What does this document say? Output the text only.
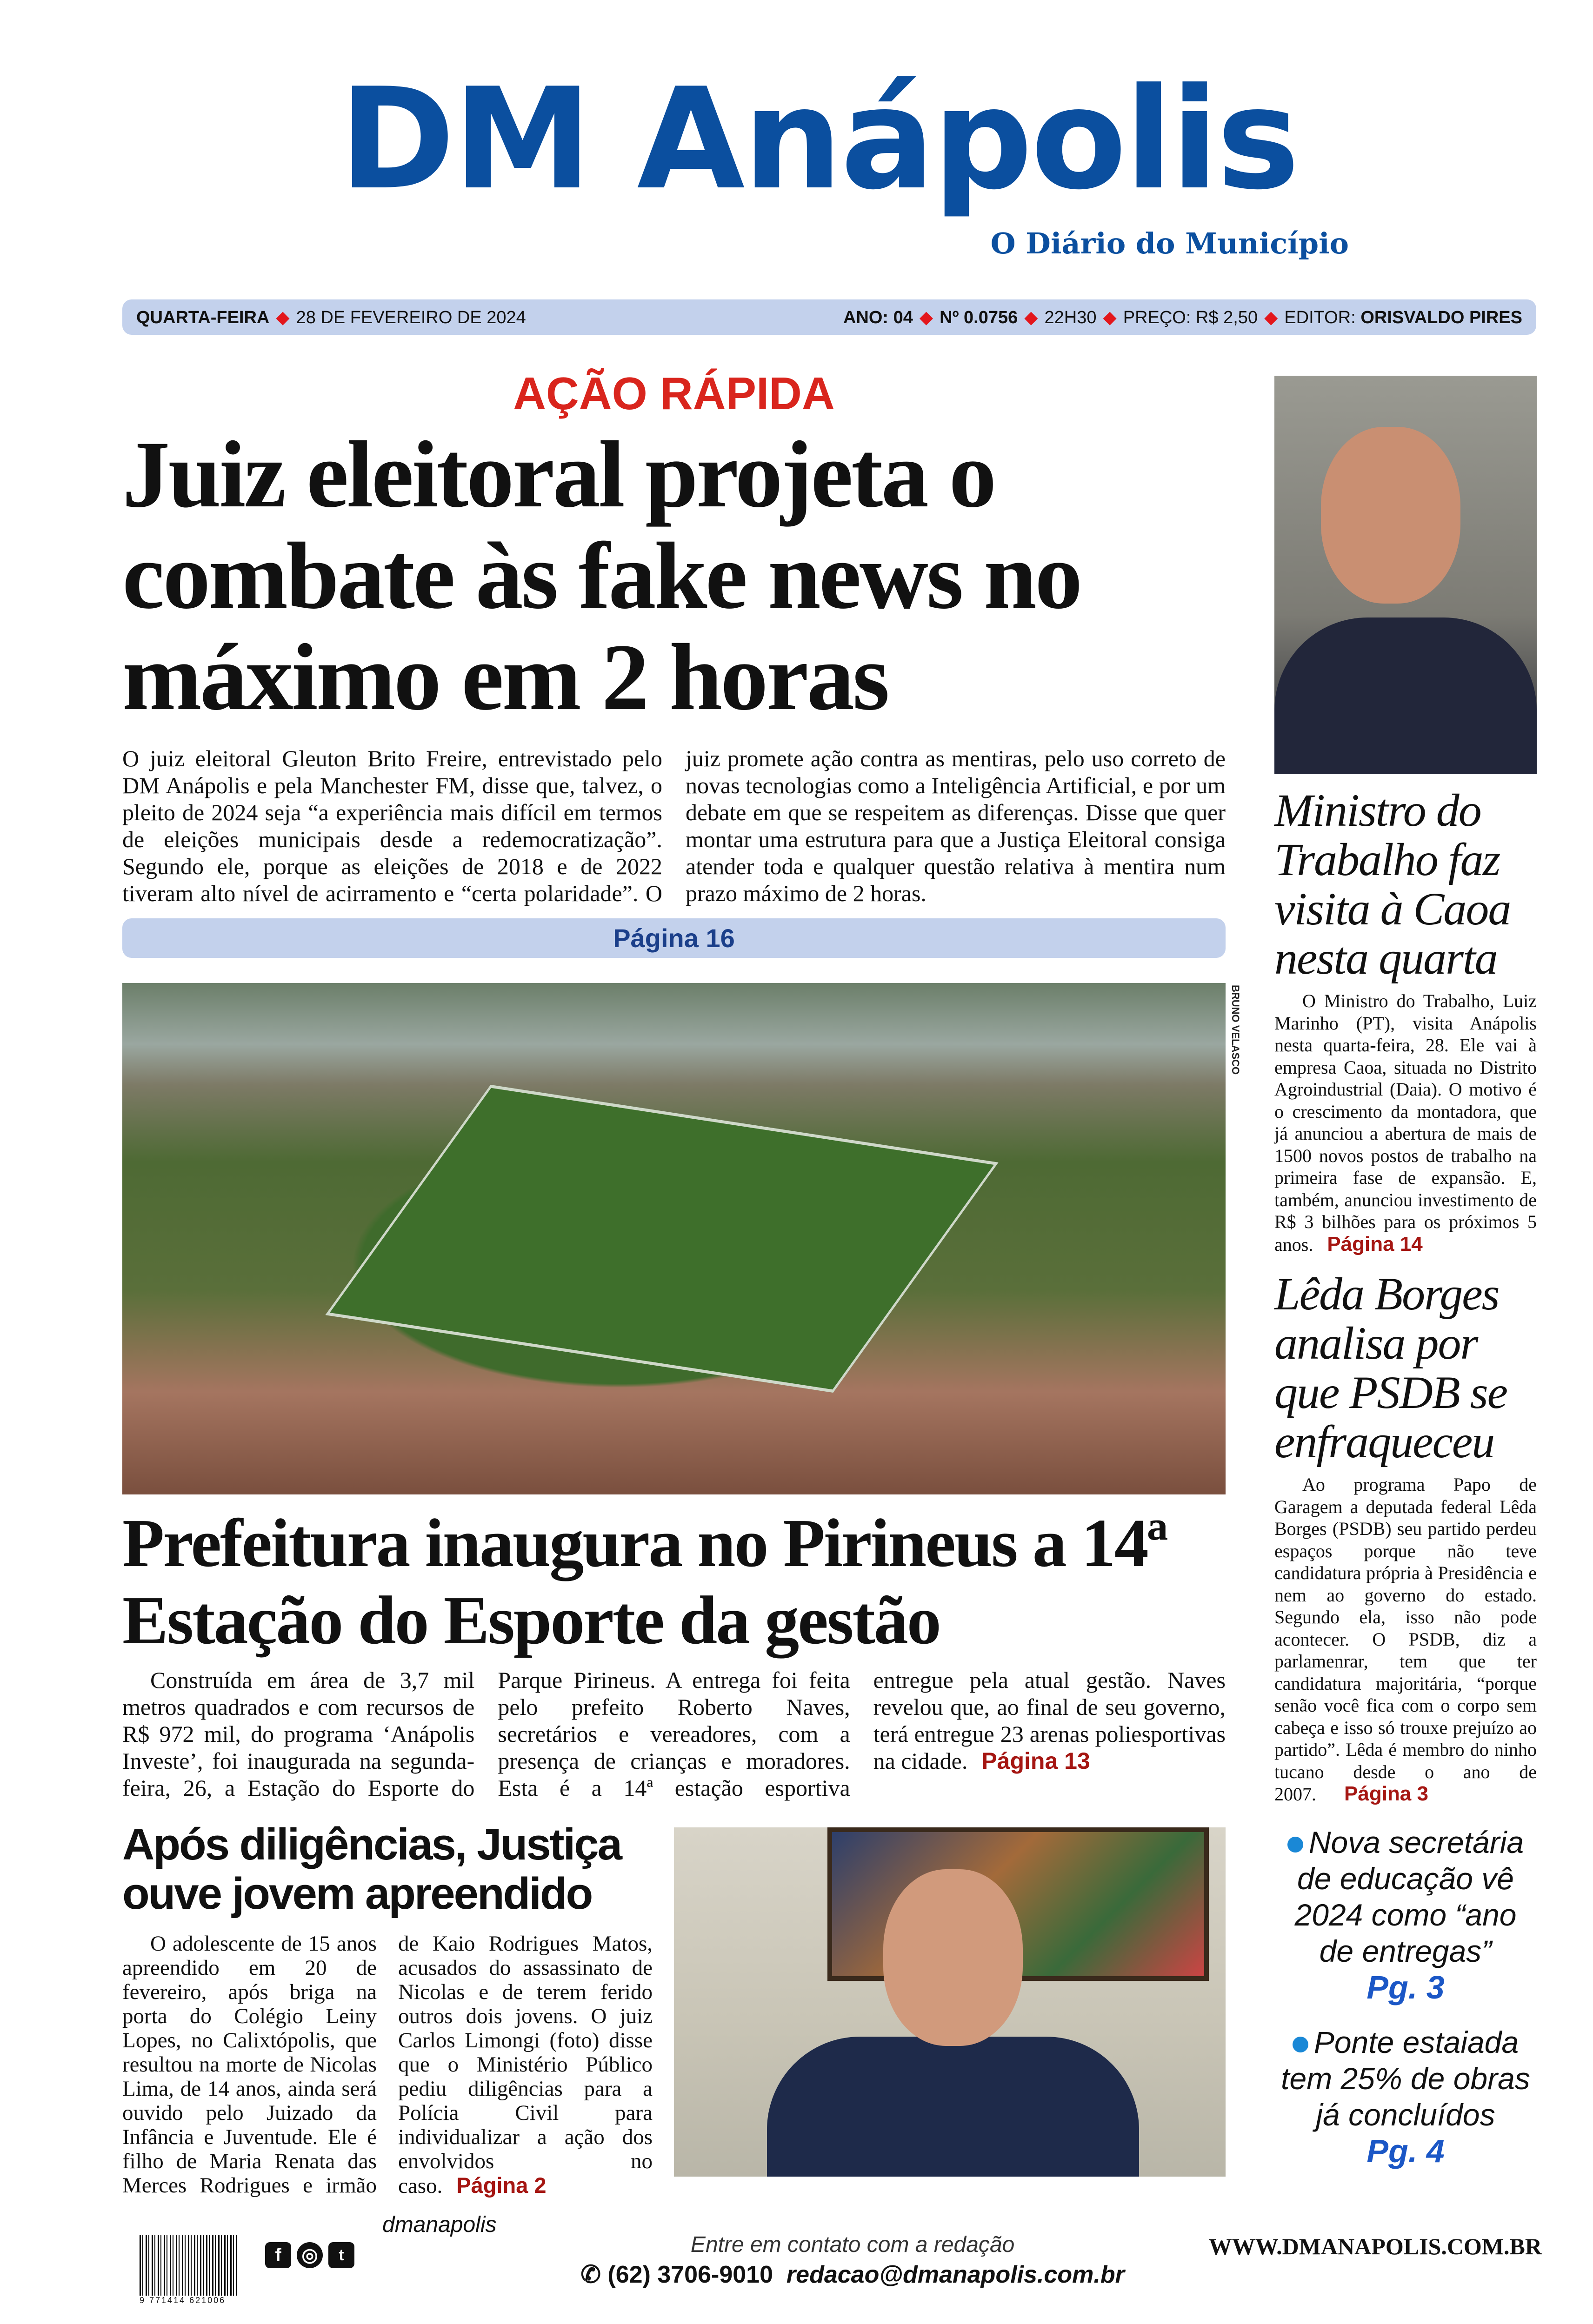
DM Anápolis
O Diário do Município
QUARTA-FEIRA ◆ 28 DE FEVEREIRO DE 2024	ANO: 04 ◆ Nº 0.0756 ◆ 22H30 ◆ PREÇO: R$ 2,50 ◆ EDITOR: ORISVALDO PIRES
AÇÃO RÁPIDA
Juiz eleitoral projeta o combate às fake news no máximo em 2 horas
O juiz eleitoral Gleuton Brito Freire, entrevistado pelo DM Anápolis e pela Manchester FM, disse que, talvez, o pleito de 2024 seja “a experiência mais difícil em termos de eleições municipais desde a redemocratização”. Segundo ele, porque as eleições de 2018 e de 2022 tiveram alto nível de acirramento e “certa polaridade”. O juiz promete ação contra as mentiras, pelo uso correto de novas tecnologias como a Inteligência Artificial, e por um debate em que se respeitem as diferenças. Disse que quer montar uma estrutura para que a Justiça Eleitoral consiga atender toda e qualquer questão relativa à mentira num prazo máximo de 2 horas.
Página 16
BRUNO VELASCO
Prefeitura inaugura no Pirineus a 14ª Estação do Esporte da gestão
Construída em área de 3,7 mil metros quadrados e com recursos de R$ 972 mil, do programa ‘Anápolis Investe’, foi inaugurada na segunda-feira, 26, a Estação do Esporte do Parque Pirineus. A entrega foi feita pelo prefeito Roberto Naves, secretários e vereadores, com a presença de crianças e moradores. Esta é a 14ª estação esportiva entregue pela atual gestão. Naves revelou que, ao final de seu governo, terá entregue 23 arenas poliesportivas na cidade. Página 13
Após diligências, Justiça ouve jovem apreendido
O adolescente de 15 anos apreendido em 20 de fevereiro, após briga na porta do Colégio Leiny Lopes, no Calixtópolis, que resultou na morte de Nicolas Lima, de 14 anos, ainda será ouvido pelo Juizado da Infância e Juventude. Ele é filho de Maria Renata das Merces Rodrigues e irmão de Kaio Rodrigues Matos, acusados do assassinato de Nicolas e de terem ferido outros dois jovens. O juiz Carlos Limongi (foto) disse que o Ministério Público pediu diligências para a Polícia Civil para individualizar a ação dos envolvidos no caso. Página 2
Ministro do Trabalho faz visita à Caoa nesta quarta
O Ministro do Trabalho, Luiz Marinho (PT), visita Anápolis nesta quarta-feira, 28. Ele vai à empresa Caoa, situada no Distrito Agroindustrial (Daia). O motivo é o crescimento da montadora, que já anunciou a abertura de mais de 1500 novos postos de trabalho na primeira fase de expansão. E, também, anunciou investimento de R$ 3 bilhões para os próximos 5 anos. Página 14
Lêda Borges analisa por que PSDB se enfraqueceu
Ao programa Papo de Garagem a deputada federal Lêda Borges (PSDB) seu partido perdeu espaços porque não teve candidatura própria à Presidência e nem ao governo do estado. Segundo ela, isso não pode acontecer. O PSDB, diz a parlamenrar, tem que ter candidatura majoritária, “porque senão você fica com o corpo sem cabeça e isso só trouxe prejuízo ao partido”. Lêda é membro do ninho tucano desde o ano de 2007. Página 3
Nova secretária de educação vê 2024 como “ano de entregas”
Pg. 3
Ponte estaiada tem 25% de obras já concluídos
Pg. 4
9 771414 621006
f	◎	t
dmanapolis
Entre em contato com a redação
✆ (62) 3706-9010 redacao@dmanapolis.com.br
WWW.DMANAPOLIS.COM.BR
